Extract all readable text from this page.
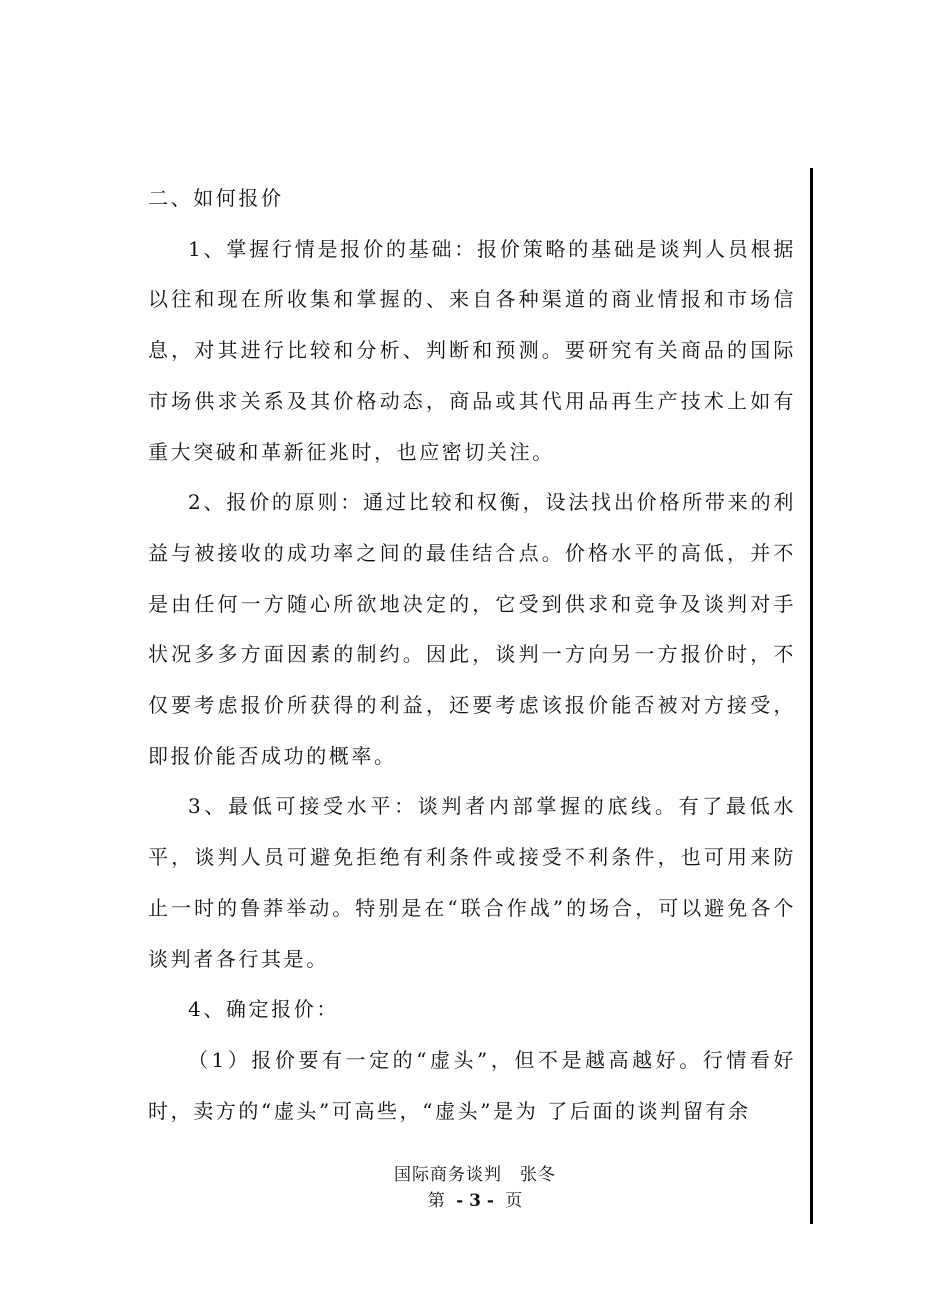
二、如何报价

1、掌握行情是报价的基础：报价策略的基础是谈判人员根据以往和现在所收集和掌握的、来自各种渠道的商业情报和市场信息，对其进行比较和分析、判断和预测。要研究有关商品的国际市场供求关系及其价格动态，商品或其代用品再生产技术上如有重大突破和革新征兆时，也应密切关注。

2、报价的原则：通过比较和权衡，设法找出价格所带来的利益与被接收的成功率之间的最佳结合点。价格水平的高低，并不是由任何一方随心所欲地决定的，它受到供求和竞争及谈判对手状况多多方面因素的制约。因此，谈判一方向另一方报价时，不仅要考虑报价所获得的利益，还要考虑该报价能否被对方接受，即报价能否成功的概率。

3、最低可接受水平：谈判者内部掌握的底线。有了最低水平，谈判人员可避免拒绝有利条件或接受不利条件，也可用来防止一时的鲁莽举动。特别是在“联合作战”的场合，可以避免各个谈判者各行其是。

4、确定报价：

（1）报价要有一定的“虚头”，但不是越高越好。行情看好时，卖方的“虚头”可高些，“虚头”是为 了后面的谈判留有余

国际商务谈判　张冬
第 - 3 - 页
